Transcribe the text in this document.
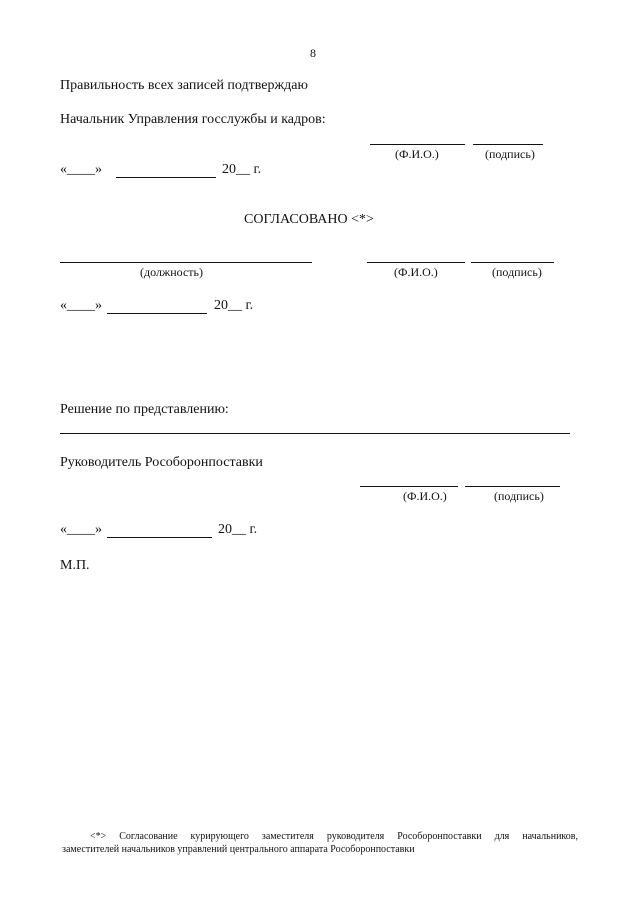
8
Правильность всех записей подтверждаю
Начальник Управления госслужбы и кадров:
(Ф.И.О.)	(подпись)
«____»	20__ г.
СОГЛАСОВАНО <*>
(должность)	(Ф.И.О.)	(подпись)
«____»	20__ г.
Решение по представлению:
Руководитель Рособоронпоставки
(Ф.И.О.)	(подпись)
«____»	20__ г.
М.П.
<*> Согласование курирующего заместителя руководителя Рособоронпоставки для начальников,
заместителей начальников управлений центрального аппарата Рособоронпоставки
